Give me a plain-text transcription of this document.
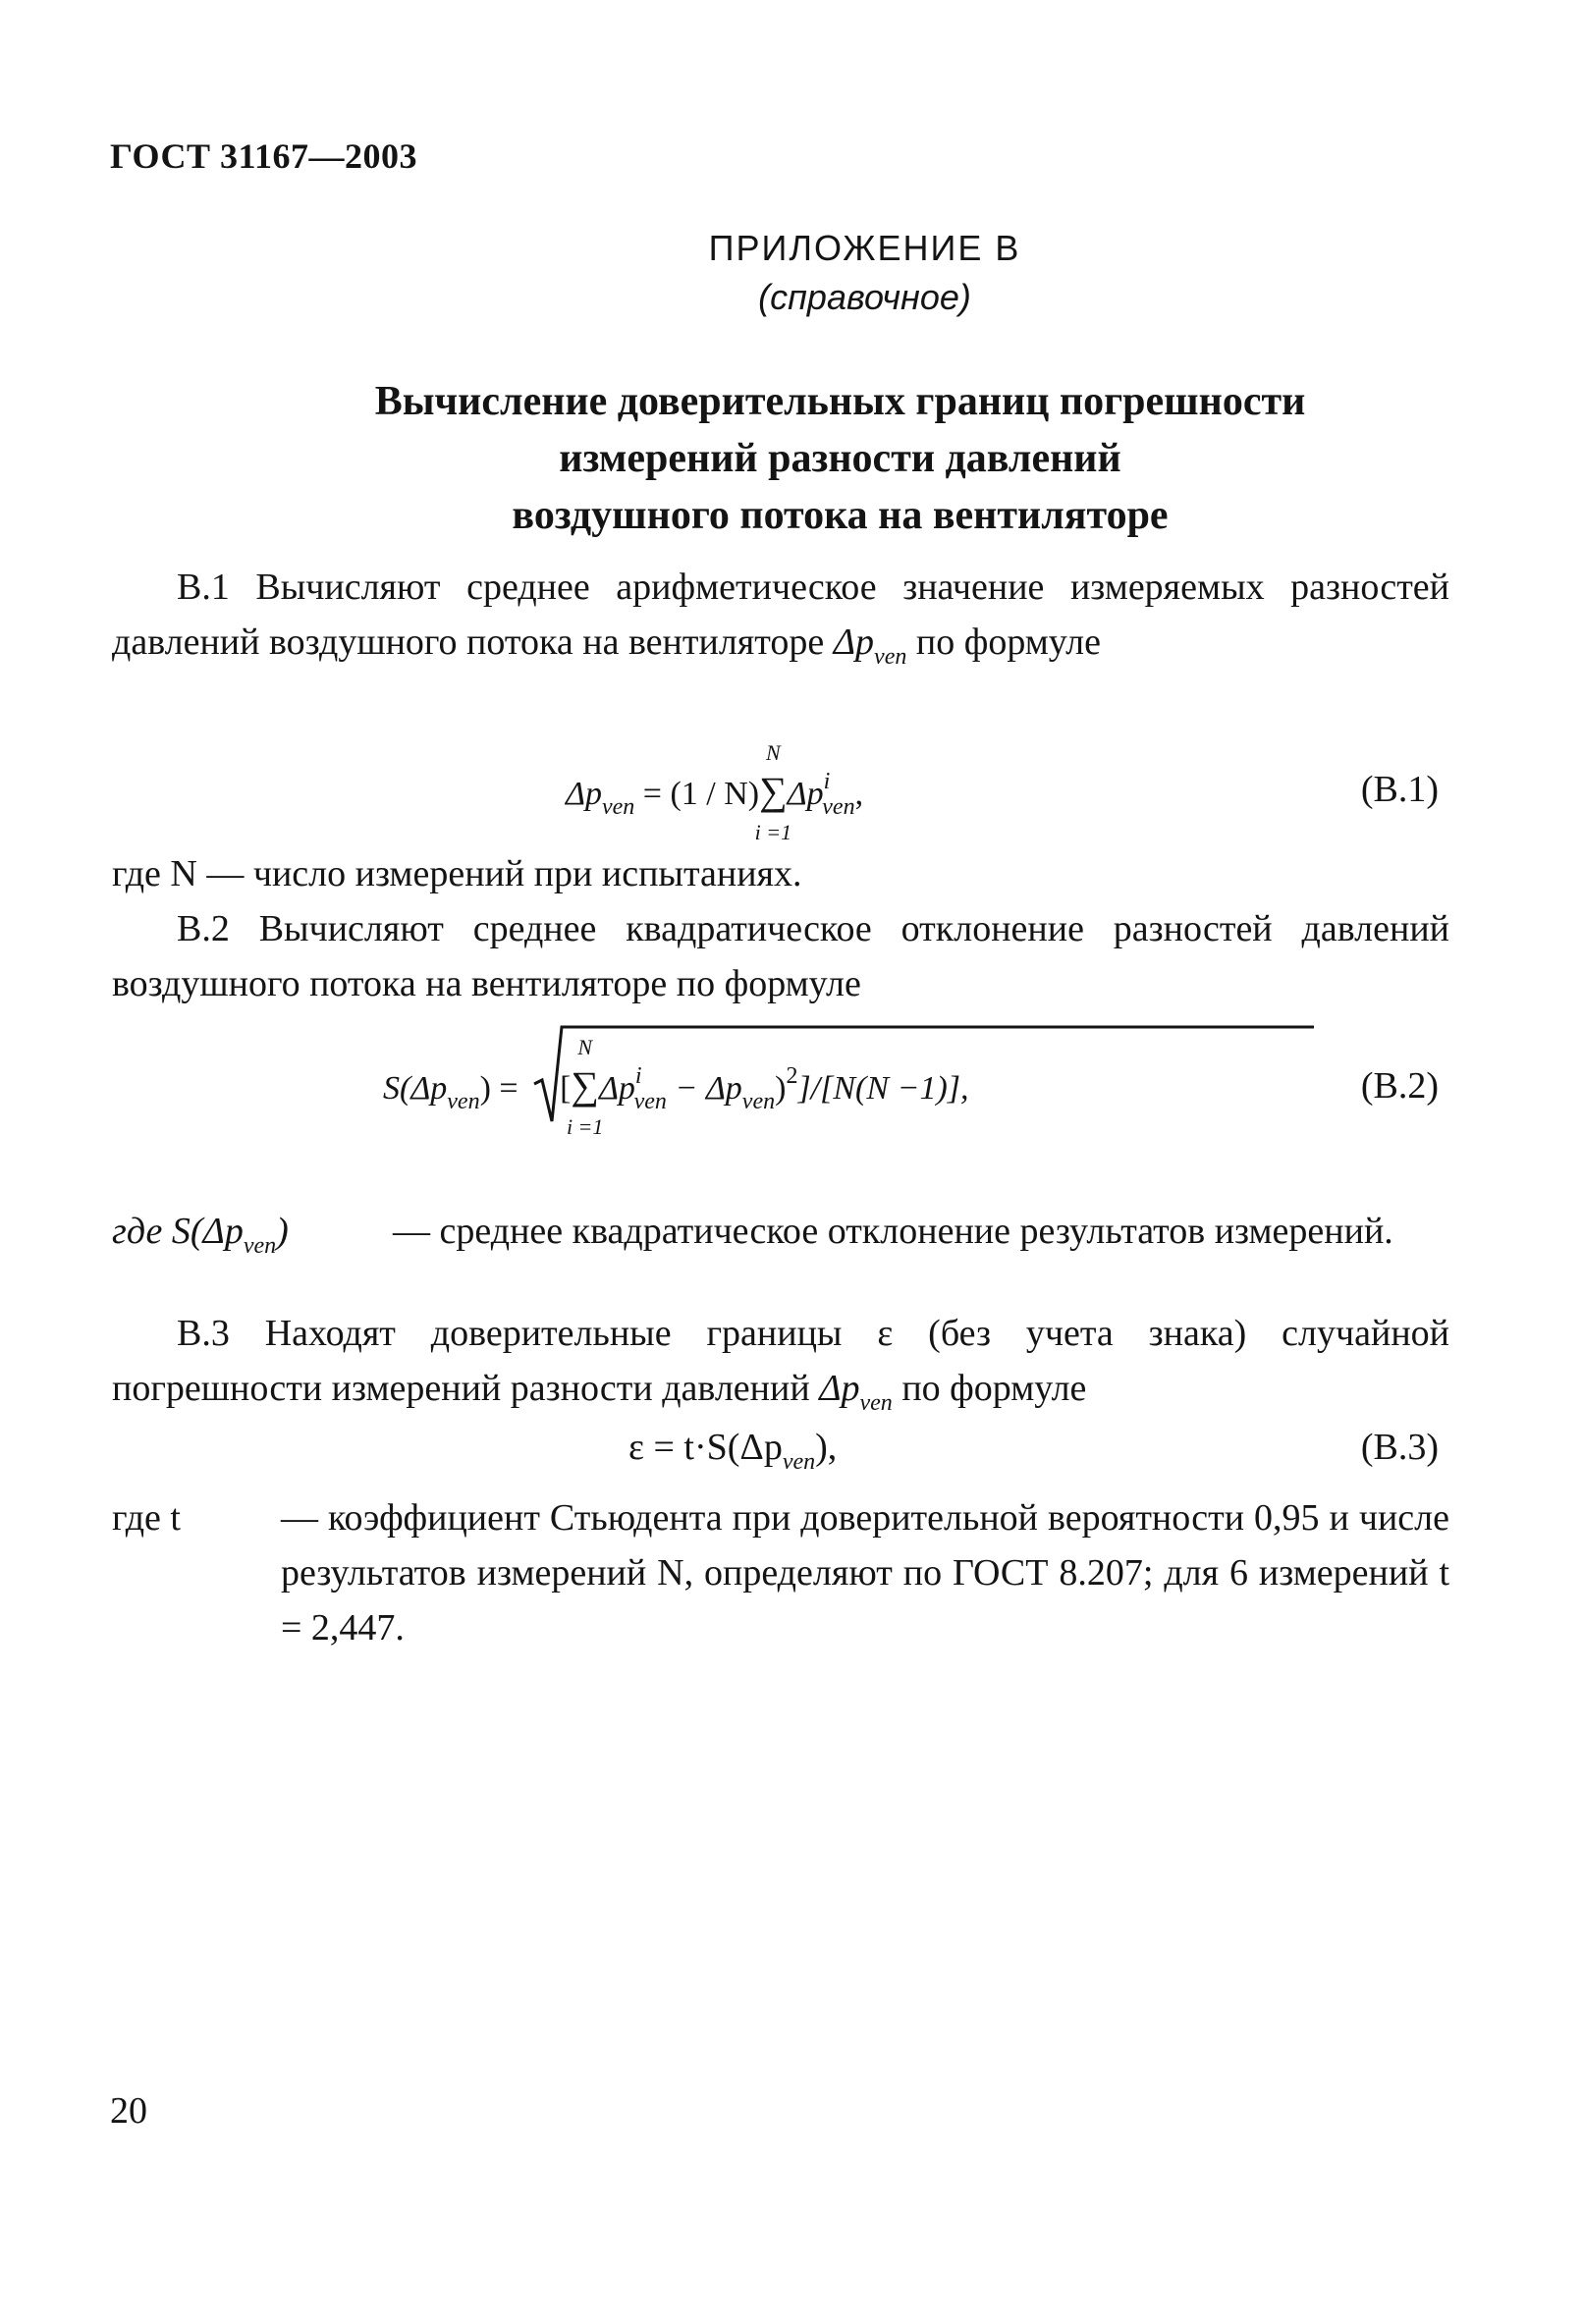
ГОСТ 31167—2003
ПРИЛОЖЕНИЕ В
(справочное)
Вычисление доверительных границ погрешности
измерений разности давлений
воздушного потока на вентиляторе
В.1 Вычисляют среднее арифметическое значение измеряемых разностей давлений воздушного потока на вентиляторе $\Delta p_{ven}$ по формуле
$\Delta p_{ven} = (1 / N)\sum$
N
i =1
$\Delta p^i_{ven}$,	(В.1)
где N — число измерений при испытаниях.
В.2 Вычисляют среднее квадратическое отклонение разностей давлений воздушного потока на вентиляторе по формуле
$S(\Delta p_{ven})$ = [∑
N
i =1
$\Delta p^i_{ven} - \Delta p_{ven})^2]/[N(N -1)]$,	(В.2)
где $S(\Delta p_{ven})$	— среднее квадратическое отклонение результатов измерений.
В.3 Находят доверительные границы ε (без учета знака) случайной погрешности измерений разности давлений $\Delta p_{ven}$ по формуле
$\varepsilon = t\cdot S(\Delta p_{ven})$,	(В.3)
где t	— коэффициент Стьюдента при доверительной вероятности 0,95 и числе результатов измерений N, определяют по ГОСТ 8.207; для 6 измерений t = 2,447.
20
